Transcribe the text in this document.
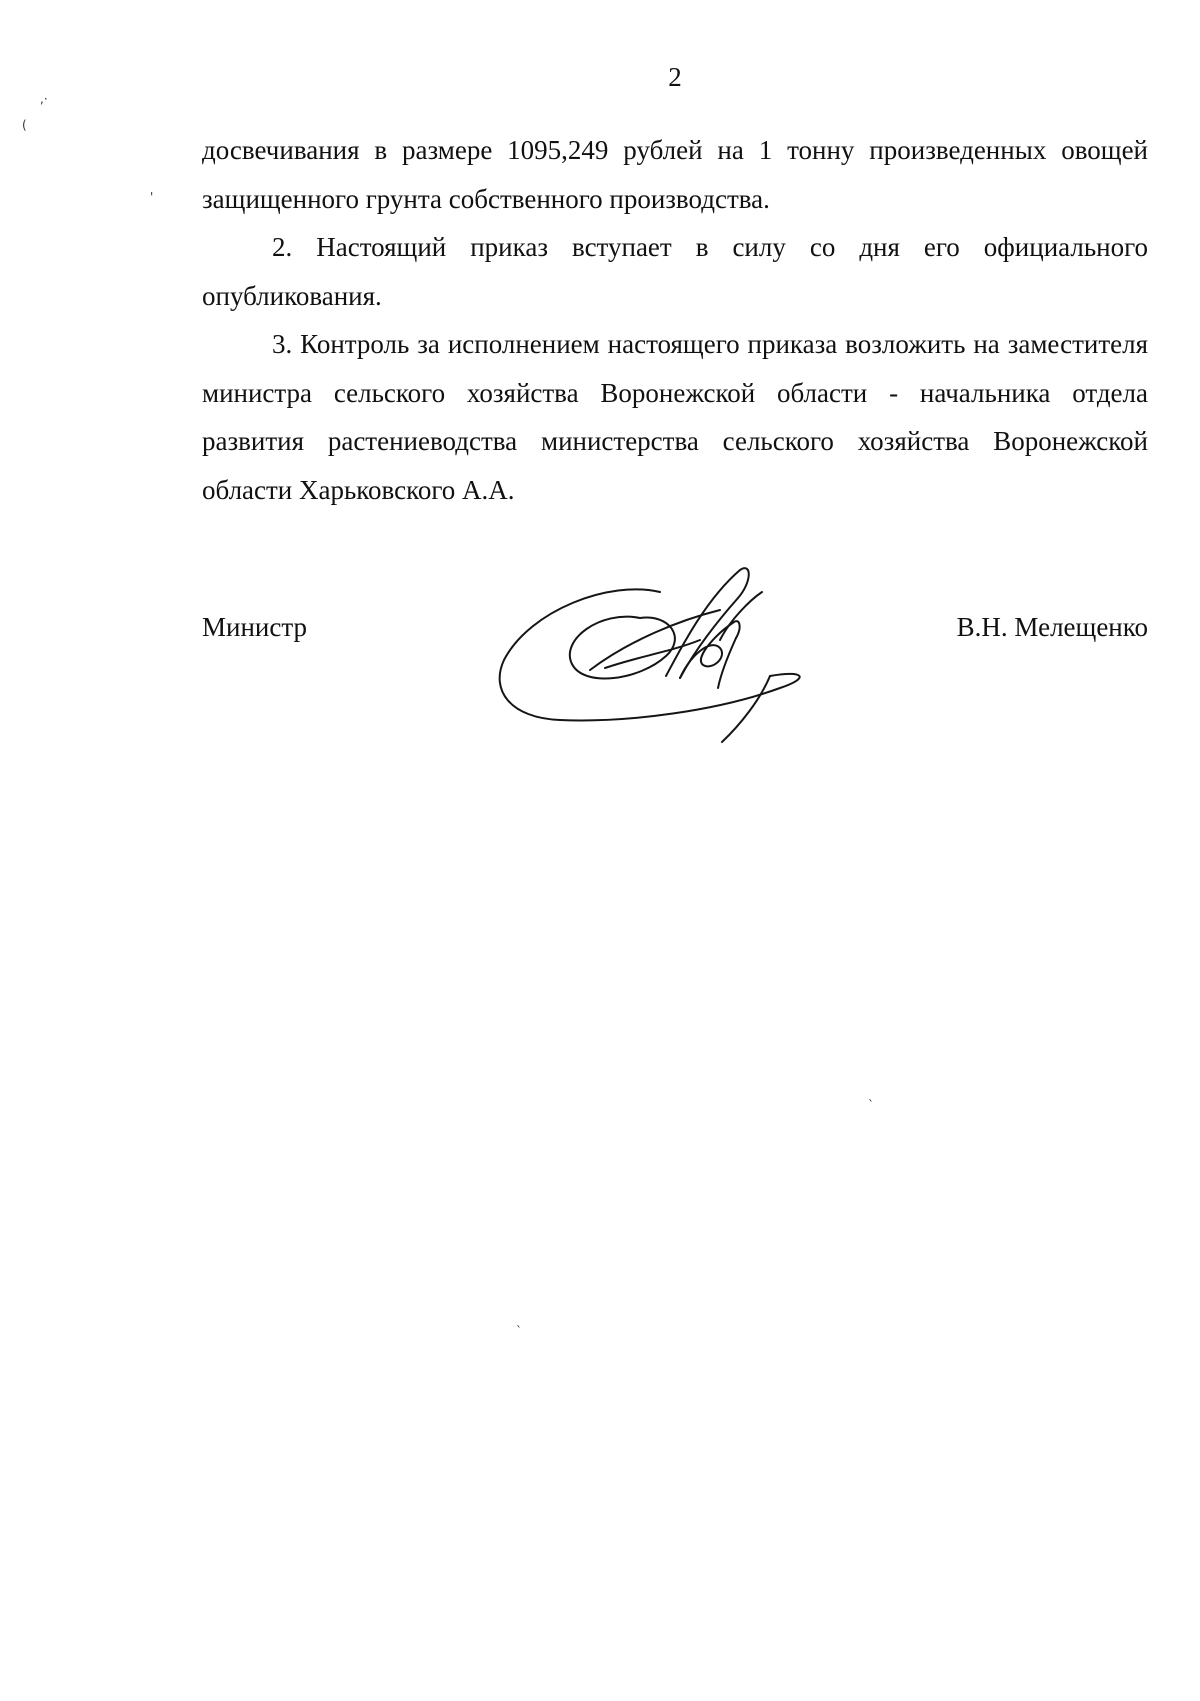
2

досвечивания в размере 1095,249 рублей на 1 тонну произведенных овощей защищенного грунта собственного производства.

2. Настоящий приказ вступает в силу со дня его официального опубликования.

3. Контроль за исполнением настоящего приказа возложить на заместителя министра сельского хозяйства Воронежской области - начальника отдела развития растениеводства министерства сельского хозяйства Воронежской области Харьковского А.А.

Министр	В.Н. Мелещенко
,·
(
'
`
`
